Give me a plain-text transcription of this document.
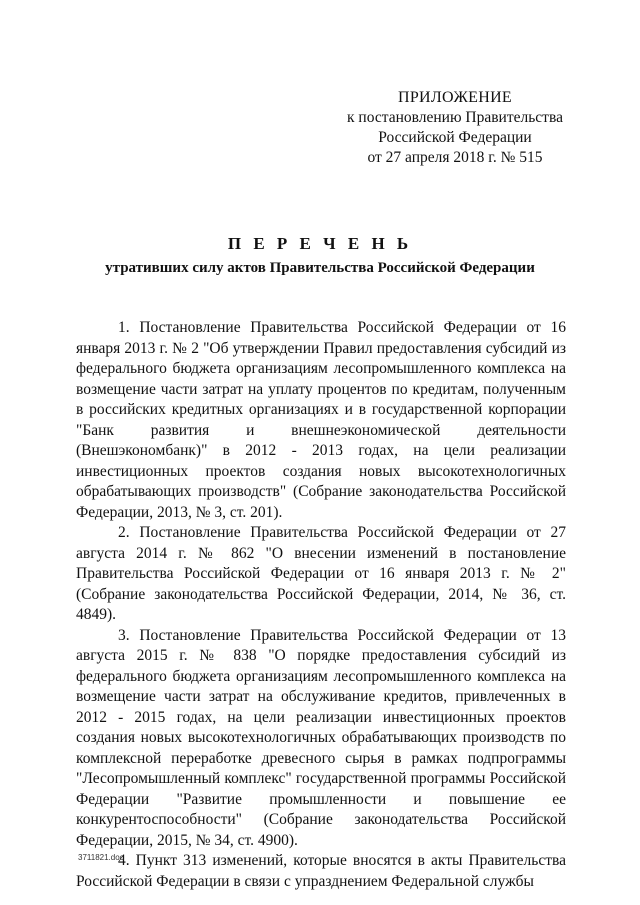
ПРИЛОЖЕНИЕ
к постановлению Правительства
Российской Федерации
от 27 апреля 2018 г. № 515
П Е Р Е Ч Е Н Ь
утративших силу актов Правительства Российской Федерации

1. Постановление Правительства Российской Федерации от 16 января 2013 г. № 2 "Об утверждении Правил предоставления субсидий из федерального бюджета организациям лесопромышленного комплекса на возмещение части затрат на уплату процентов по кредитам, полученным в российских кредитных организациях и в государственной корпорации "Банк развития и внешнеэкономической деятельности (Внешэкономбанк)" в 2012 - 2013 годах, на цели реализации инвестиционных проектов создания новых высокотехнологичных обрабатывающих производств" (Собрание законодательства Российской Федерации, 2013, № 3, ст. 201).

2. Постановление Правительства Российской Федерации от 27 августа 2014 г. № 862 "О внесении изменений в постановление Правительства Российской Федерации от 16 января 2013 г. № 2" (Собрание законодательства Российской Федерации, 2014, № 36, ст. 4849).

3. Постановление Правительства Российской Федерации от 13 августа 2015 г. № 838 "О порядке предоставления субсидий из федерального бюджета организациям лесопромышленного комплекса на возмещение части затрат на обслуживание кредитов, привлеченных в 2012 - 2015 годах, на цели реализации инвестиционных проектов создания новых высокотехнологичных обрабатывающих производств по комплексной переработке древесного сырья в рамках подпрограммы "Лесопромышленный комплекс" государственной программы Российской Федерации "Развитие промышленности и повышение ее конкурентоспособности" (Собрание законодательства Российской Федерации, 2015, № 34, ст. 4900).

4. Пункт 313 изменений, которые вносятся в акты Правительства Российской Федерации в связи с упразднением Федеральной службы

3711821.doc
